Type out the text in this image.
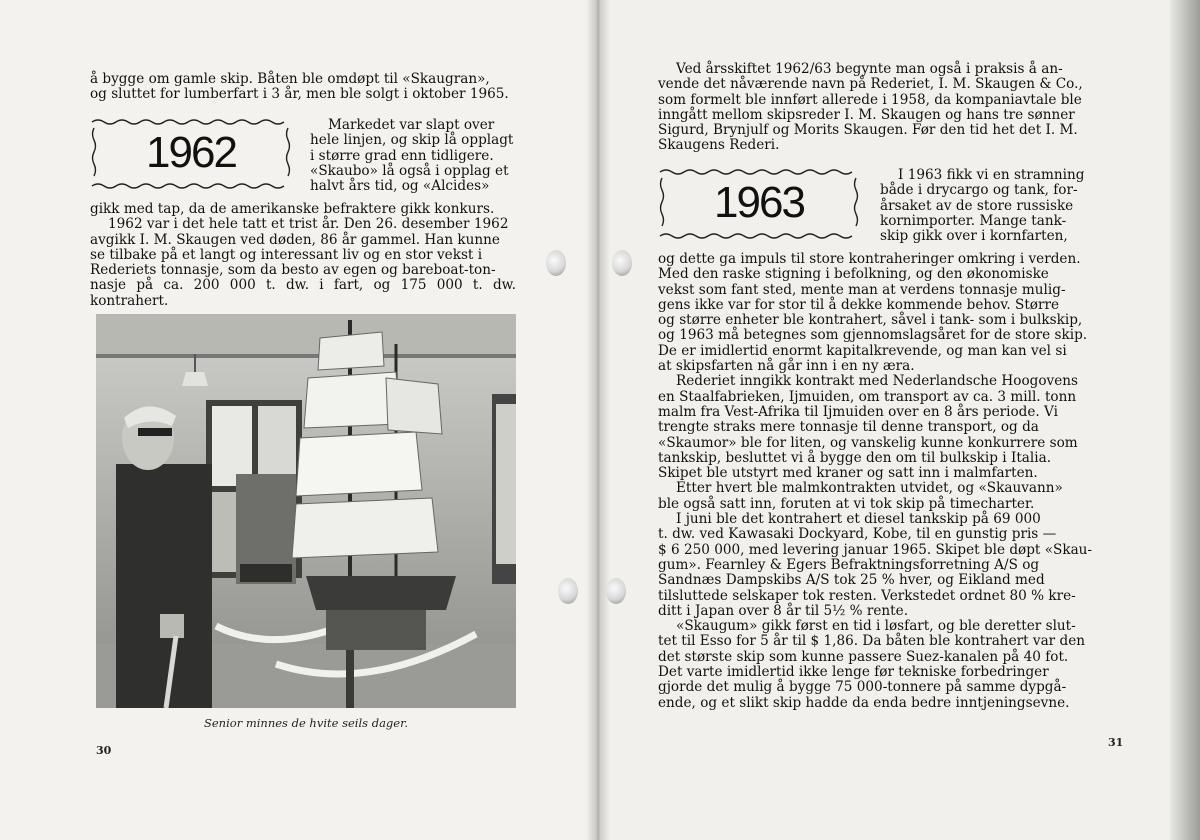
å bygge om gamle skip. Båten ble omdøpt til «Skaugran»,

og sluttet for lumberfart i 3 år, men ble solgt i oktober 1965.

1962

Markedet var slapt over

hele linjen, og skip lå opplagt

i større grad enn tidligere.

«Skaubo» lå også i opplag et

halvt års tid, og «Alcides»

gikk med tap, da de amerikanske befraktere gikk konkurs.

1962 var i det hele tatt et trist år. Den 26. desember 1962

avgikk I. M. Skaugen ved døden, 86 år gammel. Han kunne

se tilbake på et langt og interessant liv og en stor vekst i

Rederiets tonnasje, som da besto av egen og bareboat-ton-

nasje på ca. 200 000 t. dw. i fart, og 175 000 t. dw. kontrahert.

Senior minnes de hvite seils dager.
30

Ved årsskiftet 1962/63 begynte man også i praksis å an-

vende det nåværende navn på Rederiet, I. M. Skaugen & Co.,

som formelt ble innført allerede i 1958, da kompaniavtale ble

inngått mellom skipsreder I. M. Skaugen og hans tre sønner

Sigurd, Brynjulf og Morits Skaugen. Før den tid het det I. M.

Skaugens Rederi.

1963

I 1963 fikk vi en stramning

både i drycargo og tank, for-

årsaket av de store russiske

kornimporter. Mange tank-

skip gikk over i kornfarten,

og dette ga impuls til store kontraheringer omkring i verden.

Med den raske stigning i befolkning, og den økonomiske

vekst som fant sted, mente man at verdens tonnasje mulig-

gens ikke var for stor til å dekke kommende behov. Større

og større enheter ble kontrahert, såvel i tank- som i bulkskip,

og 1963 må betegnes som gjennomslagsåret for de store skip.

De er imidlertid enormt kapitalkrevende, og man kan vel si

at skipsfarten nå går inn i en ny æra.

Rederiet inngikk kontrakt med Nederlandsche Hoogovens

en Staalfabrieken, Ijmuiden, om transport av ca. 3 mill. tonn

malm fra Vest-Afrika til Ijmuiden over en 8 års periode. Vi

trengte straks mere tonnasje til denne transport, og da

«Skaumor» ble for liten, og vanskelig kunne konkurrere som

tankskip, besluttet vi å bygge den om til bulkskip i Italia.

Skipet ble utstyrt med kraner og satt inn i malmfarten.

Etter hvert ble malmkontrakten utvidet, og «Skauvann»

ble også satt inn, foruten at vi tok skip på timecharter.

I juni ble det kontrahert et diesel tankskip på 69 000

t. dw. ved Kawasaki Dockyard, Kobe, til en gunstig pris —

$ 6 250 000, med levering januar 1965. Skipet ble døpt «Skau-

gum». Fearnley & Egers Befraktningsforretning A/S og

Sandnæs Dampskibs A/S tok 25 % hver, og Eikland med

tilsluttede selskaper tok resten. Verkstedet ordnet 80 % kre-

ditt i Japan over 8 år til 5½ % rente.

«Skaugum» gikk først en tid i løsfart, og ble deretter slut-

tet til Esso for 5 år til $ 1,86. Da båten ble kontrahert var den

det største skip som kunne passere Suez-kanalen på 40 fot.

Det varte imidlertid ikke lenge før tekniske forbedringer

gjorde det mulig å bygge 75 000-tonnere på samme dypgå-

ende, og et slikt skip hadde da enda bedre inntjeningsevne.

31
